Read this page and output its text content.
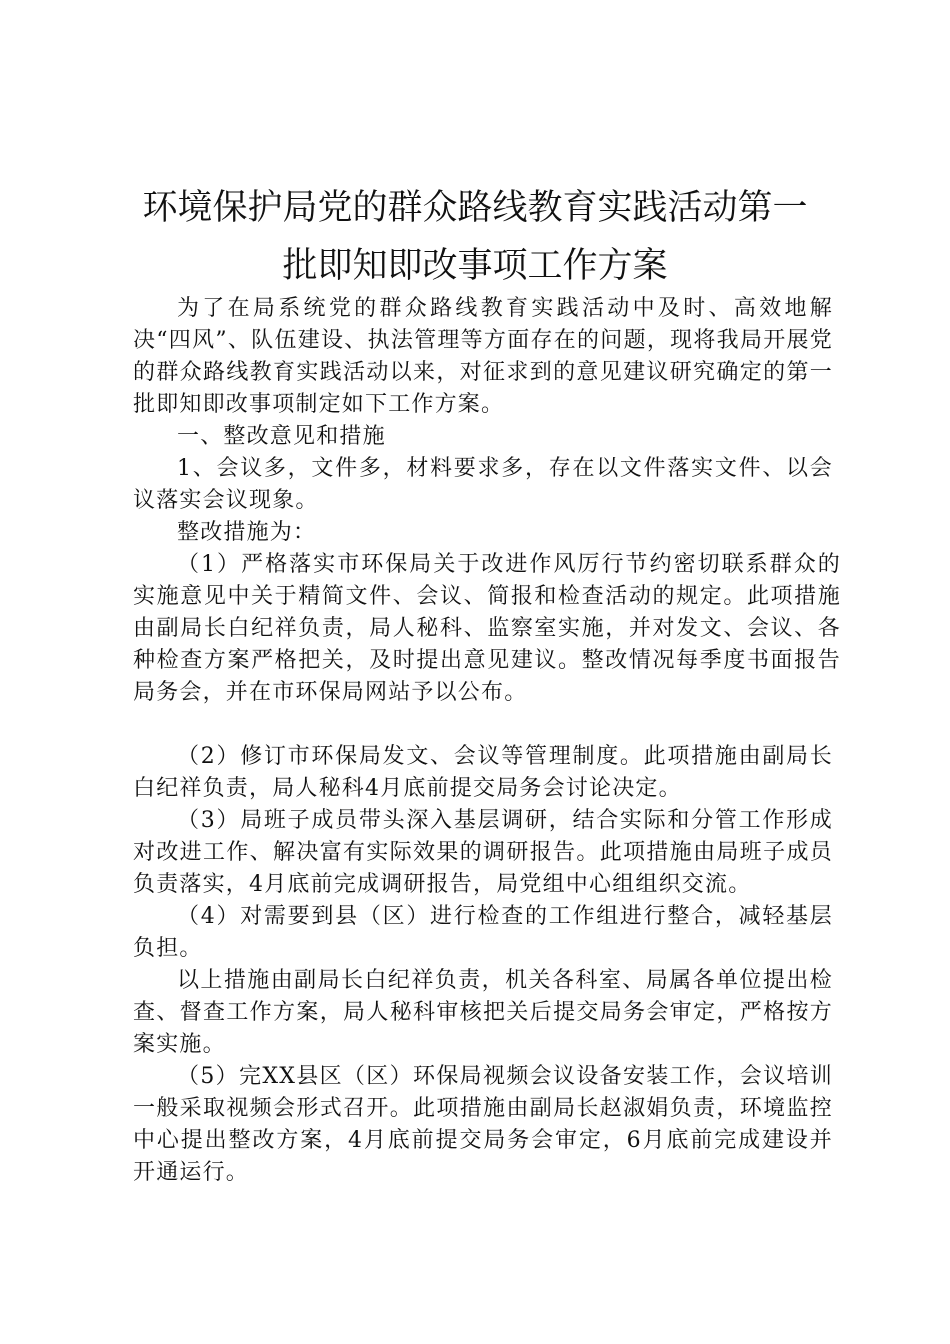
环境保护局党的群众路线教育实践活动第一
批即知即改事项工作方案

为了在局系统党的群众路线教育实践活动中及时、高效地解决“四风”、队伍建设、执法管理等方面存在的问题，现将我局开展党的群众路线教育实践活动以来，对征求到的意见建议研究确定的第一批即知即改事项制定如下工作方案。

一、整改意见和措施

1、会议多，文件多，材料要求多，存在以文件落实文件、以会议落实会议现象。

整改措施为：

（1）严格落实市环保局关于改进作风厉行节约密切联系群众的实施意见中关于精简文件、会议、简报和检查活动的规定。此项措施由副局长白纪祥负责，局人秘科、监察室实施，并对发文、会议、各种检查方案严格把关，及时提出意见建议。整改情况每季度书面报告局务会，并在市环保局网站予以公布。

（2）修订市环保局发文、会议等管理制度。此项措施由副局长白纪祥负责，局人秘科4月底前提交局务会讨论决定。

（3）局班子成员带头深入基层调研，结合实际和分管工作形成对改进工作、解决富有实际效果的调研报告。此项措施由局班子成员负责落实，4月底前完成调研报告，局党组中心组组织交流。

（4）对需要到县（区）进行检查的工作组进行整合，减轻基层负担。

以上措施由副局长白纪祥负责，机关各科室、局属各单位提出检查、督查工作方案，局人秘科审核把关后提交局务会审定，严格按方案实施。

（5）完XX县区（区）环保局视频会议设备安装工作，会议培训一般采取视频会形式召开。此项措施由副局长赵淑娟负责，环境监控中心提出整改方案，4月底前提交局务会审定，6月底前完成建设并开通运行。
